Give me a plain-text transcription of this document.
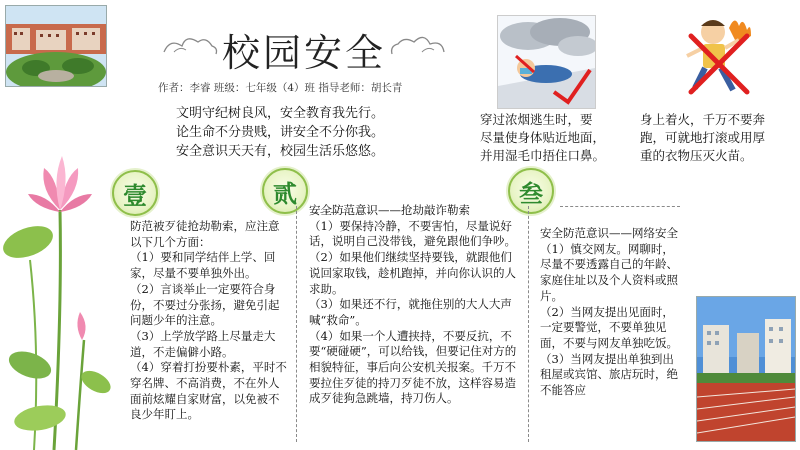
校园安全
作者：李睿 班级：七年级（4）班 指导老师：胡长青
文明守纪树良风，安全教育我先行。
论生命不分贵贱，讲安全不分你我。
安全意识天天有，校园生活乐悠悠。
穿过浓烟逃生时，要
尽量使身体贴近地面，
并用湿毛巾捂住口鼻。
身上着火，千万不要奔
跑，可就地打滚或用厚
重的衣物压灭火苗。
壹	贰	叁

防范被歹徒抢劫勒索，应注意以下几个方面：

（1）要和同学结伴上学、回家，尽量不要单独外出。

（2）言谈举止一定要符合身份，不要过分张扬，避免引起问题少年的注意。

（3）上学放学路上尽量走大道，不走偏僻小路。

（4）穿着打扮要朴素，平时不穿名牌、不高消费，不在外人面前炫耀自家财富，以免被不良少年盯上。

安全防范意识——抢劫敲诈勒索

（1）要保持冷静，不要害怕，尽量说好话，说明自己没带钱，避免跟他们争吵。

（2）如果他们继续坚持要钱，就跟他们说回家取钱，趁机跑掉，并向你认识的人求助。

（3）如果还不行，就拖住别的大人大声喊“救命”。

（4）如果一个人遭挟持，不要反抗，不要“硬碰硬”，可以给钱，但要记住对方的相貌特征，事后向公安机关报案。千万不要拉住歹徒的持刀歹徒不放，这样容易造成歹徒狗急跳墙，持刀伤人。

安全防范意识——网络安全

（1）慎交网友。网聊时，尽量不要透露自己的年龄、家庭住址以及个人资料或照片。

（2）当网友提出见面时，一定要警觉，不要单独见面，不要与网友单独吃饭。

（3）当网友提出单独到出租屋或宾馆、旅店玩时，绝不能答应
